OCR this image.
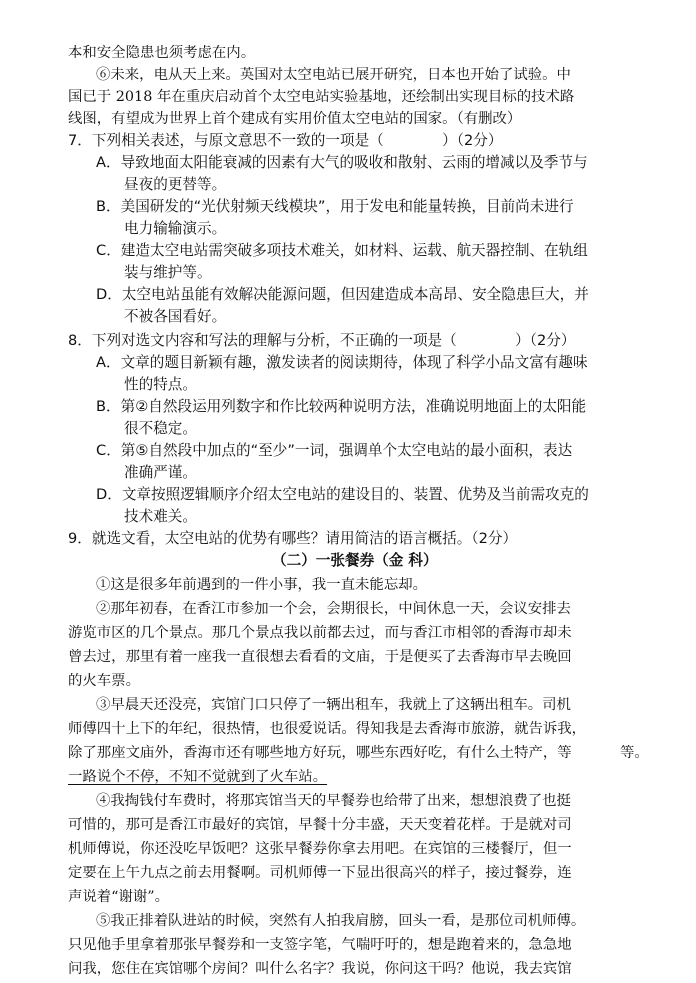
本和安全隐患也须考虑在内。
⑥未来，电从天上来。英国对太空电站已展开研究，日本也开始了试验。中
国已于 2018 年在重庆启动首个太空电站实验基地，还绘制出实现目标的技术路
线图，有望成为世界上首个建成有实用价值太空电站的国家。（有删改）
7．下列相关表述，与原文意思不一致的一项是（　　　　）（2分）
A．导致地面太阳能衰减的因素有大气的吸收和散射、云雨的增减以及季节与
昼夜的更替等。
B．美国研发的“光伏射频天线模块”，用于发电和能量转换，目前尚未进行
电力输输演示。
C．建造太空电站需突破多项技术难关，如材料、运载、航天器控制、在轨组
装与维护等。
D．太空电站虽能有效解决能源问题，但因建造成本高昂、安全隐患巨大，并
不被各国看好。
8．下列对选文内容和写法的理解与分析，不正确的一项是（　　　　）（2分）
A．文章的题目新颖有趣，激发读者的阅读期待，体现了科学小品文富有趣味
性的特点。
B．第②自然段运用列数字和作比较两种说明方法，准确说明地面上的太阳能
很不稳定。
C．第⑤自然段中加点的“至少”一词，强调单个太空电站的最小面积，表达
准确严谨。
D．文章按照逻辑顺序介绍太空电站的建设目的、装置、优势及当前需攻克的
技术难关。
9．就选文看，太空电站的优势有哪些？请用简洁的语言概括。（2分）
（二）一张餐券（金 科）
①这是很多年前遇到的一件小事，我一直未能忘却。
②那年初春，在香江市参加一个会，会期很长，中间休息一天，会议安排去
游览市区的几个景点。那几个景点我以前都去过，而与香江市相邻的香海市却未
曾去过，那里有着一座我一直很想去看看的文庙，于是便买了去香海市早去晚回
的火车票。
③早晨天还没亮，宾馆门口只停了一辆出租车，我就上了这辆出租车。司机
师傅四十上下的年纪，很热情，也很爱说话。得知我是去香海市旅游，就告诉我，
除了那座文庙外，香海市还有哪些地方好玩，哪些东西好吃，有什么土特产，等	等。
一路说个不停，不知不觉就到了火车站。
④我掏钱付车费时，将那宾馆当天的早餐券也给带了出来，想想浪费了也挺
可惜的，那可是香江市最好的宾馆，早餐十分丰盛，天天变着花样。于是就对司
机师傅说，你还没吃早饭吧？这张早餐券你拿去用吧。在宾馆的三楼餐厅，但一
定要在上午九点之前去用餐啊。司机师傅一下显出很高兴的样子，接过餐券，连
声说着“谢谢”。
⑤我正排着队进站的时候，突然有人拍我肩膀，回头一看，是那位司机师傅。
只见他手里拿着那张早餐券和一支签字笔，气喘吁吁的，想是跑着来的，急急地
问我，您住在宾馆哪个房间？叫什么名字？我说，你问这干吗？他说，我去宾馆
